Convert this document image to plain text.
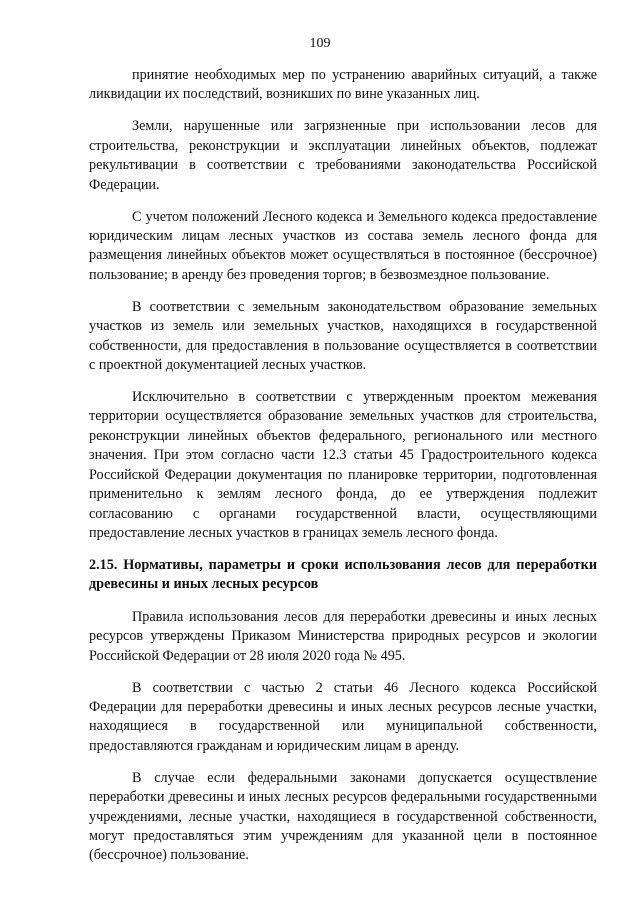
109

принятие необходимых мер по устранению аварийных ситуаций, а также ликвидации их последствий, возникших по вине указанных лиц.

Земли, нарушенные или загрязненные при использовании лесов для строительства, реконструкции и эксплуатации линейных объектов, подлежат рекультивации в соответствии с требованиями законодательства Российской Федерации.

С учетом положений Лесного кодекса и Земельного кодекса предоставление юридическим лицам лесных участков из состава земель лесного фонда для размещения линейных объектов может осуществляться в постоянное (бессрочное) пользование; в аренду без проведения торгов; в безвозмездное пользование.

В соответствии с земельным законодательством образование земельных участков из земель или земельных участков, находящихся в государственной собственности, для предоставления в пользование осуществляется в соответствии с проектной документацией лесных участков.

Исключительно в соответствии с утвержденным проектом межевания территории осуществляется образование земельных участков для строительства, реконструкции линейных объектов федерального, регионального или местного значения. При этом согласно части 12.3 статьи 45 Градостроительного кодекса Российской Федерации документация по планировке территории, подготовленная применительно к землям лесного фонда, до ее утверждения подлежит согласованию с органами государственной власти, осуществляющими предоставление лесных участков в границах земель лесного фонда.

2.15. Нормативы, параметры и сроки использования лесов для переработки древесины и иных лесных ресурсов

Правила использования лесов для переработки древесины и иных лесных ресурсов утверждены Приказом Министерства природных ресурсов и экологии Российской Федерации от 28 июля 2020 года № 495.

В соответствии с частью 2 статьи 46 Лесного кодекса Российской Федерации для переработки древесины и иных лесных ресурсов лесные участки, находящиеся в государственной или муниципальной собственности, предоставляются гражданам и юридическим лицам в аренду.

В случае если федеральными законами допускается осуществление переработки древесины и иных лесных ресурсов федеральными государственными учреждениями, лесные участки, находящиеся в государственной собственности, могут предоставляться этим учреждениям для указанной цели в постоянное (бессрочное) пользование.
